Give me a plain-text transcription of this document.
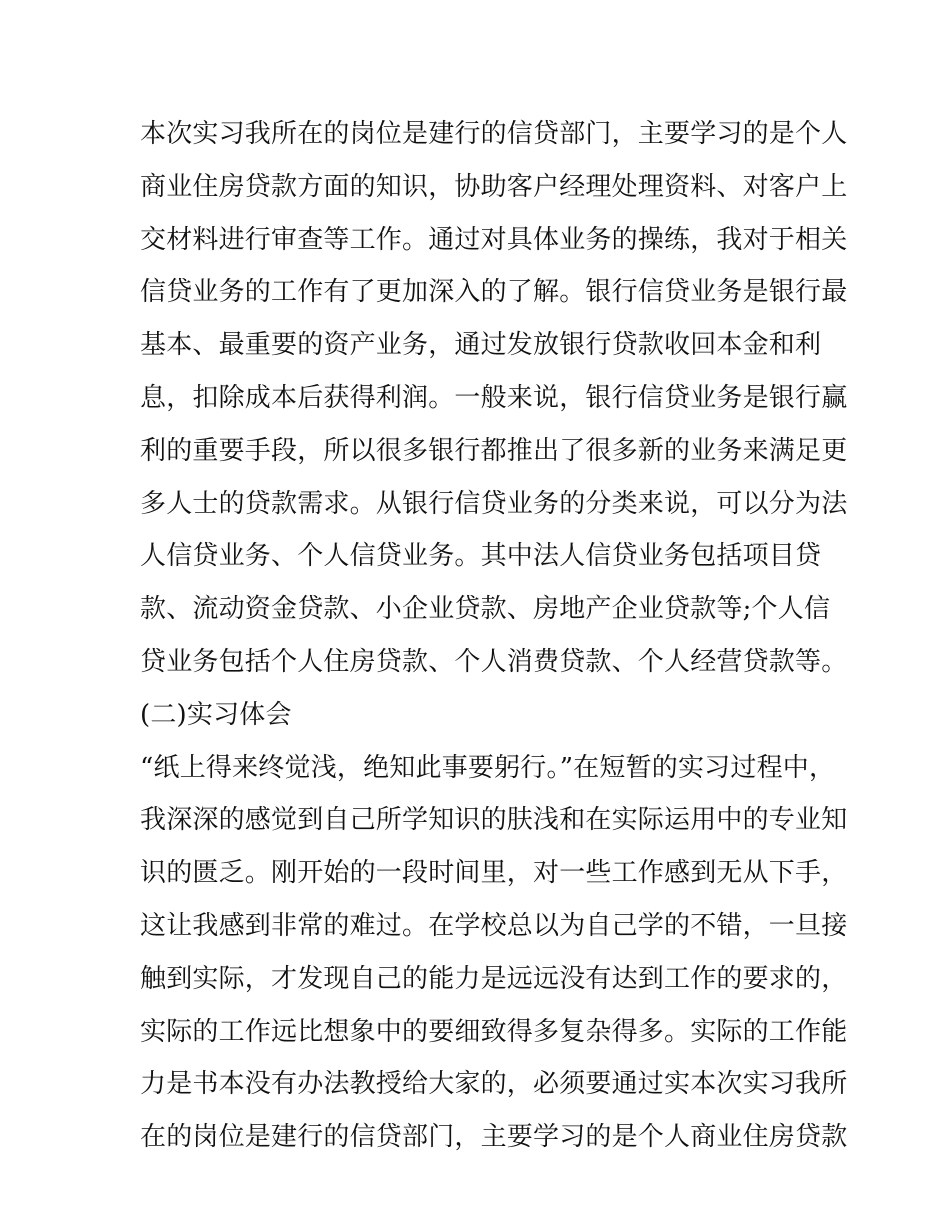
本次实习我所在的岗位是建行的信贷部门，主要学习的是个人
商业住房贷款方面的知识，协助客户经理处理资料、对客户上
交材料进行审查等工作。通过对具体业务的操练，我对于相关
信贷业务的工作有了更加深入的了解。银行信贷业务是银行最
基本、最重要的资产业务，通过发放银行贷款收回本金和利
息，扣除成本后获得利润。一般来说，银行信贷业务是银行赢
利的重要手段，所以很多银行都推出了很多新的业务来满足更
多人士的贷款需求。从银行信贷业务的分类来说，可以分为法
人信贷业务、个人信贷业务。其中法人信贷业务包括项目贷
款、流动资金贷款、小企业贷款、房地产企业贷款等;个人信
贷业务包括个人住房贷款、个人消费贷款、个人经营贷款等。
(二)实习体会
“纸上得来终觉浅，绝知此事要躬行。”在短暂的实习过程中，
我深深的感觉到自己所学知识的肤浅和在实际运用中的专业知
识的匮乏。刚开始的一段时间里，对一些工作感到无从下手，
这让我感到非常的难过。在学校总以为自己学的不错，一旦接
触到实际，才发现自己的能力是远远没有达到工作的要求的，
实际的工作远比想象中的要细致得多复杂得多。实际的工作能
力是书本没有办法教授给大家的，必须要通过实本次实习我所
在的岗位是建行的信贷部门，主要学习的是个人商业住房贷款
